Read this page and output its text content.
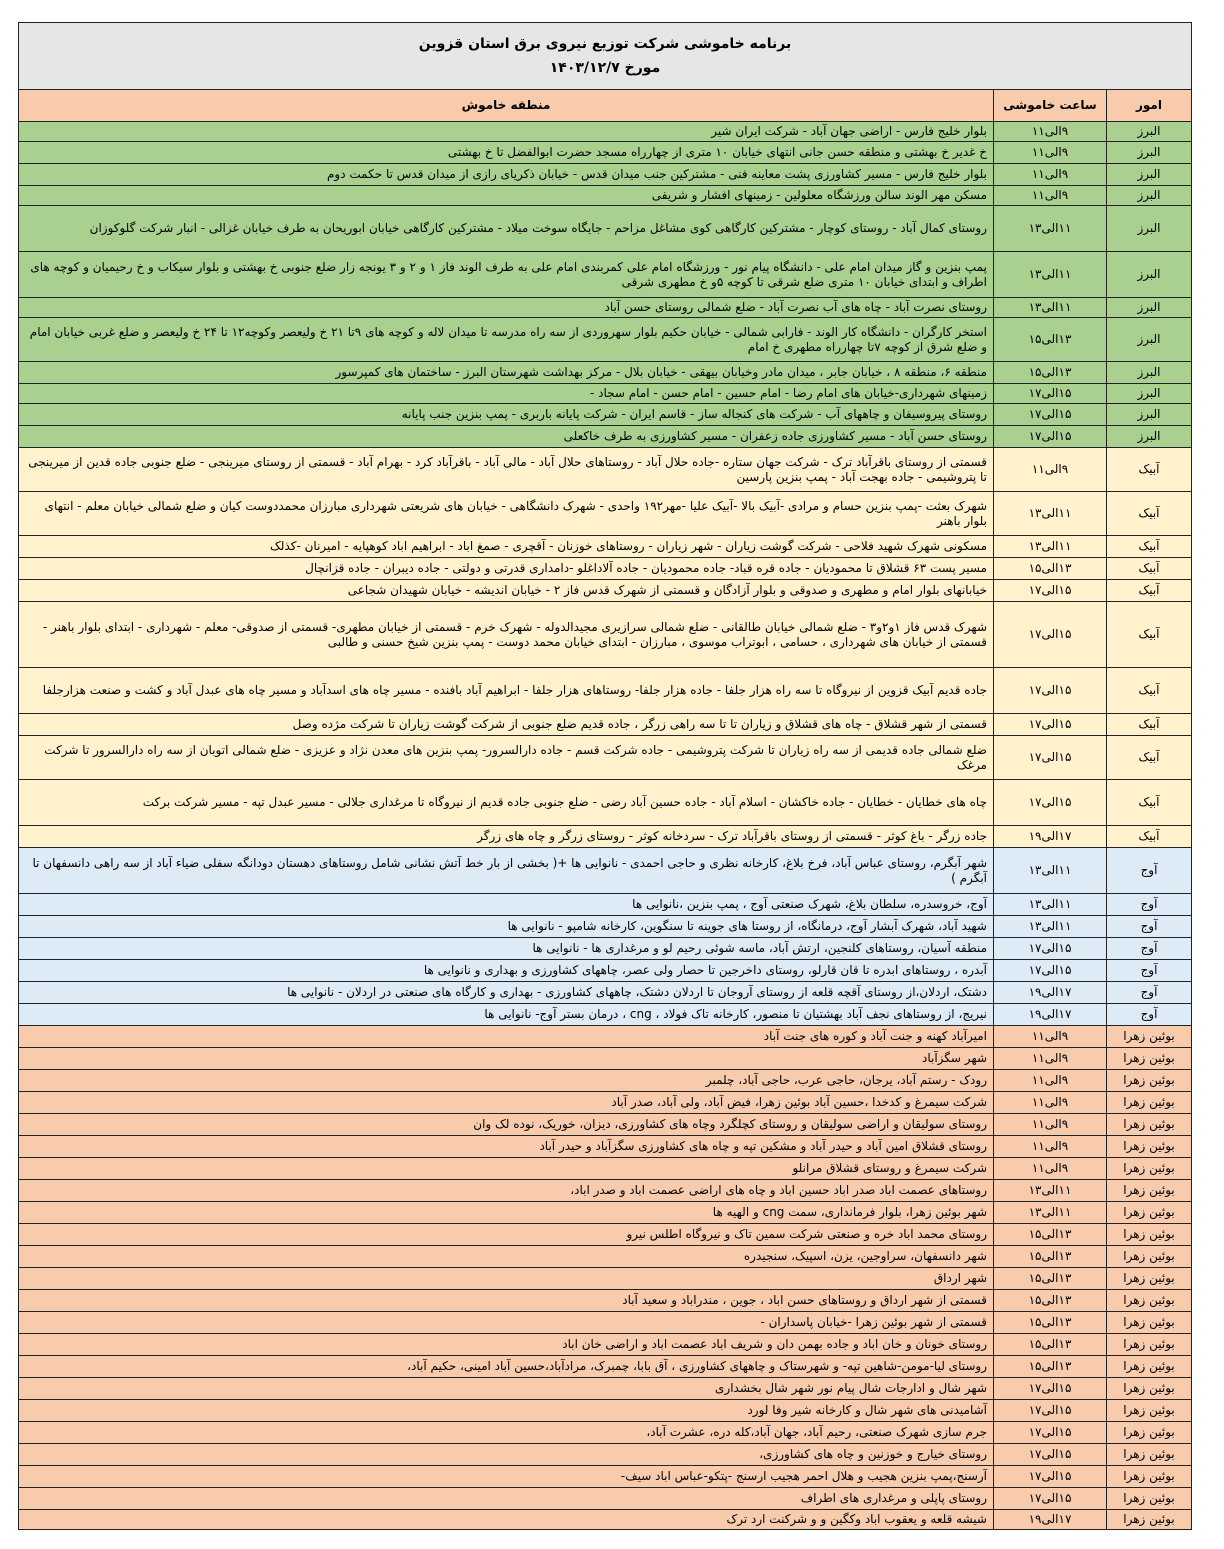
برنامه خاموشی شرکت توزیع نیروی برق استان قزوین
مورخ ۱۴۰۳/۱۲/۷		

امور	ساعت خاموشی	منطقه خاموش
البرز	۹الی۱۱	بلوار خلیج فارس - اراضی جهان آباد - شرکت ایران شیر
البرز	۹الی۱۱	خ غدیر خ بهشتی و منطقه حسن جانی انتهای خیابان ۱۰ متری از چهارراه مسجد حضرت ابوالفضل تا خ بهشتی
البرز	۹الی۱۱	بلوار خلیج فارس - مسیر کشاورزی پشت معاینه فنی - مشترکین جنب میدان قدس - خیابان ذکریای رازی از میدان قدس تا حکمت دوم
البرز	۹الی۱۱	مسکن مهر الوند سالن ورزشگاه معلولین - زمینهای افشار و شریفی
البرز	۱۱الی۱۳	روستای کمال آباد - روستای کوچار - مشترکین کارگاهی کوی مشاغل مزاحم - جایگاه سوخت میلاد - مشترکین کارگاهی خیابان ابوریحان به طرف خیابان غزالی - انبار شرکت گلوکوزان
البرز	۱۱الی۱۳	پمپ بنزین و گاز میدان امام علی - دانشگاه پیام نور - ورزشگاه امام علی کمربندی امام علی به طرف الوند فاز ۱ و ۲ و ۳ یونجه زار ضلع جنوبی خ بهشتی و بلوار سیکاب و خ رحیمیان و کوچه های اطراف و ابتدای خیابان ۱۰ متری ضلع شرقی تا کوچه ۵و خ مطهری شرقی
البرز	۱۱الی۱۳	روستای نصرت آباد - چاه های آب نصرت آباد - ضلع شمالی روستای حسن آباد
البرز	۱۳الی۱۵	استخر کارگران - دانشگاه کار الوند - فارابی شمالی - خیابان حکیم بلوار سهروردی از سه راه مدرسه تا میدان لاله و کوچه های ۹تا ۲۱ خ ولیعصر وکوچه۱۲ تا ۲۴ خ ولیعصر و ضلع غربی خیابان امام و ضلع شرق از کوچه ۷تا چهارراه مطهری خ امام
البرز	۱۳الی۱۵	منطقه ۶، منطقه ۸ ، خیابان جابر ، میدان مادر وخیابان بیهقی - خیابان بلال - مرکز بهداشت شهرستان البرز - ساختمان های کمپرسور
البرز	۱۵الی۱۷	زمینهای شهرداری-خیابان های امام رضا - امام حسین - امام حسن - امام سجاد -
البرز	۱۵الی۱۷	روستای پیروسیفان و چاههای آب - شرکت های کنجاله ساز - قاسم ایران - شرکت پایانه باربری - پمپ بنزین جنب پایانه
البرز	۱۵الی۱۷	روستای حسن آباد - مسیر کشاورزی جاده زعفران - مسیر کشاورزی به طرف خاکعلی
آبیک	۹الی۱۱	قسمتی از روستای باقرآباد ترک - شرکت جهان ستاره -جاده حلال آباد - روستاهای حلال آباد - مالی آباد - باقرآباد کرد - بهرام آباد - قسمتی از روستای میرینجی - ضلع جنوبی جاده قدین از میرینجی تا پتروشیمی - جاده بهجت آباد - پمپ بنزین پارسین
آبیک	۱۱الی۱۳	شهرک بعثت -پمپ بنزین حسام و مرادی -آبیک بالا -آبیک علیا -مهر۱۹۲ واحدی - شهرک دانشگاهی - خیابان های شریعتی شهرداری مبارزان محمددوست کیان و ضلع شمالی خیابان معلم - انتهای بلوار باهنر
آبیک	۱۱الی۱۳	مسکونی شهرک شهید فلاحی - شرکت گوشت زیاران - شهر زیاران - روستاهای خوزنان - آقچری - صمغ اباد - ابراهیم اباد کوهپایه - امیرنان -کذلک
آبیک	۱۳الی۱۵	مسیر پست ۶۳ قشلاق تا محمودیان - جاده قره قباد- جاده محمودیان - جاده آلاداغلو -دامداری قدرتی و دولتی - جاده دیبران - جاده قزانچال
آبیک	۱۵الی۱۷	خیابانهای بلوار امام و مطهری و صدوقی و بلوار آزادگان و قسمتی از شهرک قدس فاز ۲ - خیابان اندیشه - خیابان شهیدان شجاعی
آبیک	۱۵الی۱۷	شهرک قدس فاز ۱و۲و۳ - ضلع شمالی خیابان طالقانی - ضلع شمالی سرازیری مجیدالدوله - شهرک خرم - قسمتی از خیابان مطهری- قسمتی از صدوقی- معلم - شهرداری - ابتدای بلوار باهنر - قسمتی از خیابان های شهرداری ، حسامی ، ابوتراب موسوی ، مبارزان - ابتدای خیابان محمد دوست - پمپ بنزین شیخ حسنی و طالبی
آبیک	۱۵الی۱۷	جاده قدیم آبیک قزوین از نیروگاه تا سه راه هزار جلفا - جاده هزار جلفا- روستاهای هزار جلفا - ابراهیم آباد بافنده - مسیر چاه های اسدآباد و مسیر چاه های عبدل آباد و کشت و صنعت هزارجلفا
آبیک	۱۵الی۱۷	قسمتی از شهر قشلاق - چاه های قشلاق و زیاران تا تا سه راهی زرگر ، جاده قدیم ضلع جنوبی از شرکت گوشت زیاران تا شرکت مژده وصل
آبیک	۱۵الی۱۷	ضلع شمالی جاده قدیمی از سه راه زیاران تا شرکت پتروشیمی - جاده شرکت قسم - جاده دارالسرور- پمپ بنزین های معدن نژاد و عزیزی - ضلع شمالی اتوبان از سه راه دارالسرور تا شرکت مرغک
آبیک	۱۵الی۱۷	چاه های خطایان - خطایان - جاده خاکشان - اسلام آباد - جاده حسین آباد رضی - ضلع جنوبی جاده قدیم از نیروگاه تا مرغداری جلالی - مسیر عبدل تپه - مسیر شرکت برکت
آبیک	۱۷الی۱۹	جاده زرگر - باغ کوثر - قسمتی از روستای باقرآباد ترک - سردخانه کوثر - روستای زرگر و چاه های زرگر
آوج	۱۱الی۱۳	شهر آبگرم، روستای عباس آباد، فرخ بلاغ، کارخانه نظری و حاجی احمدی - نانوایی ها +( بخشی از بار خط آتش نشانی شامل روستاهای دهستان دودانگه سفلی ضیاء آباد از سه راهی دانسفهان تا آبگرم )
آوج	۱۱الی۱۳	آوج، خروسدره، سلطان بلاغ، شهرک صنعتی آوج ، پمپ بنزین ،نانوایی ها
آوج	۱۱الی۱۳	شهید آباد، شهرک آبشار آوج، درمانگاه، از روستا های جوینه تا سنگوین، کارخانه شامپو - نانوایی ها
آوج	۱۵الی۱۷	منطقه آسیان، روستاهای کلنجین، ارتش آباد، ماسه شوئی رحیم لو و مرغداری ها - نانوایی ها
آوج	۱۵الی۱۷	آبدره ، روستاهای ابدره تا قان قارلو، روستای داخرجین تا حصار ولی عصر، چاههای کشاورزی و بهداری و نانوایی ها
آوج	۱۷الی۱۹	دشتک، اردلان،از روستای آقچه قلعه از روستای آروجان تا اردلان دشتک، چاههای کشاورزی - بهداری و کارگاه های صنعتی در اردلان - نانوایی ها
آوج	۱۷الی۱۹	نیریج، از روستاهای نجف آباد بهشتیان تا منصور، کارخانه تاک فولاد ، cng ، درمان بستر آوج- نانوایی ها
بوئین زهرا	۹الی۱۱	امیرآباد کهنه و جنت آباد و کوره های جنت آباد
بوئین زهرا	۹الی۱۱	شهر سگزآباد
بوئین زهرا	۹الی۱۱	رودک - رستم آباد، یرجان، حاجی عرب، حاجی آباد، چلمبر
بوئین زهرا	۹الی۱۱	شرکت سیمرغ و کدخدا ،حسین آباد بوئین زهرا، فیض آباد، ولی آباد، صدر آباد
بوئین زهرا	۹الی۱۱	روستای سولیقان و اراضی سولیقان و روستای کچلگرد وچاه های کشاورزی، دیزان، خوریک، نوده لک وان
بوئین زهرا	۹الی۱۱	روستای قشلاق امین آباد و حیدر آباد و مشکین تپه و چاه های کشاورزی سگزآباد و حیدر آباد
بوئین زهرا	۹الی۱۱	شرکت سیمرغ و روستای قشلاق مرانلو
بوئین زهرا	۱۱الی۱۳	روستاهای عصمت اباد صدر اباد حسین اباد و چاه های اراضی عصمت اباد و صدر اباد،
بوئین زهرا	۱۱الی۱۳	شهر بوئین زهرا، بلوار فرمانداری، سمت cng و الهیه ها
بوئین زهرا	۱۳الی۱۵	روستای محمد اباد خره و صنعتی شرکت سمین تاک و نیروگاه اطلس نیرو
بوئین زهرا	۱۳الی۱۵	شهر دانسفهان، سراوجین، یزن، اسپیک، سنجیدره
بوئین زهرا	۱۳الی۱۵	شهر ارداق
بوئین زهرا	۱۳الی۱۵	قسمتی از شهر ارداق و روستاهای حسن اباد ، جوین ، مندراباد و سعید آباد
بوئین زهرا	۱۳الی۱۵	قسمتی از شهر بوئین زهرا -خیابان پاسداران -
بوئین زهرا	۱۳الی۱۵	روستای خونان و خان اباد و جاده بهمن دان و شریف اباد عصمت اباد و اراضی خان اباد
بوئین زهرا	۱۳الی۱۵	روستای لیا-مومن-شاهین تپه- و شهرستاک و چاههای کشاورزی ، آق بابا، چمبرک، مرادآباد،حسین آباد امینی، حکیم آباد،
بوئین زهرا	۱۵الی۱۷	شهر شال و ادارجات شال پیام نور شهر شال بخشداری
بوئین زهرا	۱۵الی۱۷	آشامیدنی های شهر شال و کارخانه شیر وفا لورد
بوئین زهرا	۱۵الی۱۷	جرم سازی شهرک صنعتی، رحیم آباد، جهان آباد،کله دره، عشرت آباد،
بوئین زهرا	۱۵الی۱۷	روستای خیارج و خوزنین و چاه های کشاورزی،
بوئین زهرا	۱۵الی۱۷	آرسنج،پمپ بنزین هجیب و هلال احمر هجیب ارسنج -پتکو-عباس اباد سیف-
بوئین زهرا	۱۵الی۱۷	روستای پاپلی و مرغداری های اطراف
بوئین زهرا	۱۷الی۱۹	شیشه قلعه و یعقوب اباد وکگین و و شرکنت ارد ترک
